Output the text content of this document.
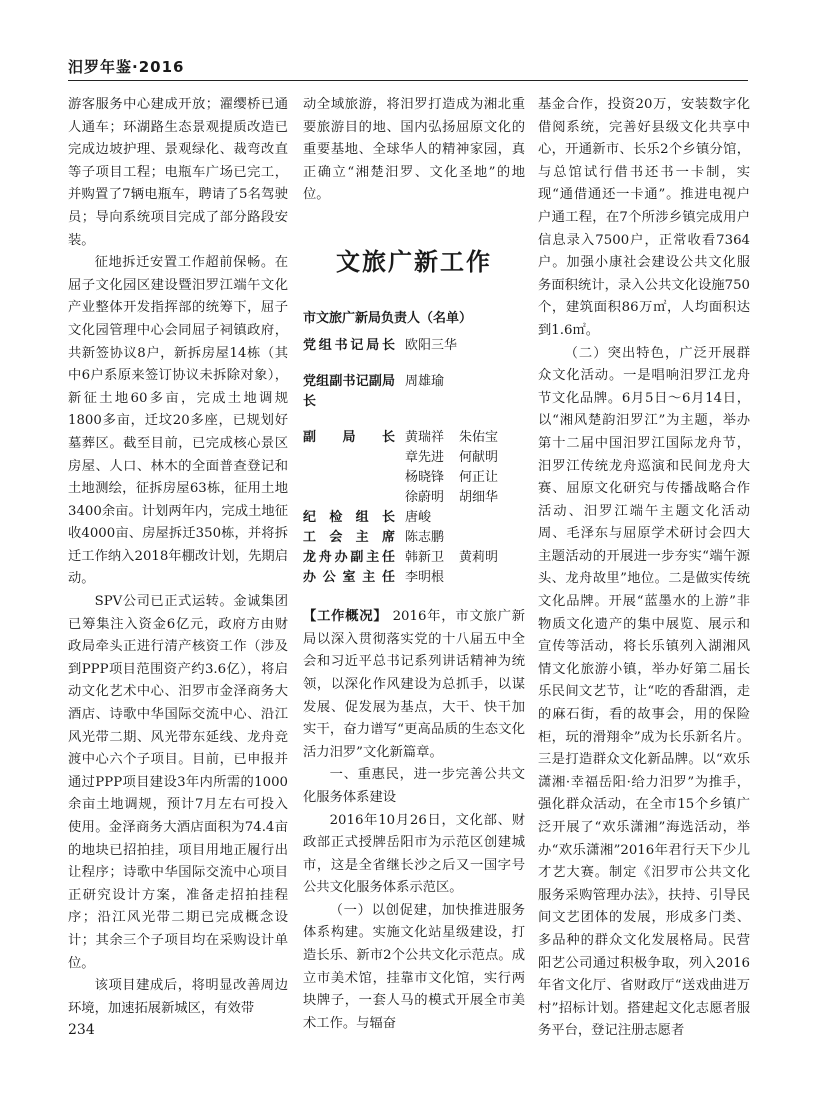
汨罗年鉴·2016

游客服务中心建成开放；濯缨桥已通人通车；环湖路生态景观提质改造已完成边坡护理、景观绿化、裁弯改直等子项目工程；电瓶车广场已完工，并购置了7辆电瓶车，聘请了5名驾驶员；导向系统项目完成了部分路段安装。

征地拆迁安置工作超前保畅。在屈子文化园区建设暨汨罗江端午文化产业整体开发指挥部的统筹下，屈子文化园管理中心会同屈子祠镇政府，共新签协议8户，新拆房屋14栋（其中6户系原来签订协议未拆除对象），新征土地60多亩，完成土地调规1800多亩，迁坟20多座，已规划好墓葬区。截至目前，已完成核心景区房屋、人口、林木的全面普查登记和土地测绘，征拆房屋63栋，征用土地3400余亩。计划两年内，完成土地征收4000亩、房屋拆迁350栋，并将拆迁工作纳入2018年棚改计划，先期启动。

SPV公司已正式运转。金诚集团已筹集注入资金6亿元，政府方由财政局牵头正进行清产核资工作（涉及到PPP项目范围资产约3.6亿），将启动文化艺术中心、汨罗市金泽商务大酒店、诗歌中华国际交流中心、沿江风光带二期、风光带东延线、龙舟竞渡中心六个子项目。目前，已申报并通过PPP项目建设3年内所需的1000余亩土地调规，预计7月左右可投入使用。金泽商务大酒店面积为74.4亩的地块已招拍挂，项目用地正履行出让程序；诗歌中华国际交流中心项目正研究设计方案，准备走招拍挂程序；沿江风光带二期已完成概念设计；其余三个子项目均在采购设计单位。

该项目建成后，将明显改善周边环境，加速拓展新城区，有效带

动全域旅游，将汨罗打造成为湘北重要旅游目的地、国内弘扬屈原文化的重要基地、全球华人的精神家园，真正确立“湘楚汨罗、文化圣地”的地位。

文旅广新工作
市文旅广新局负责人（名单）
党组书记局长	欧阳三华

党组副书记副局长	周雄瑜

副局长	黄瑞祥 朱佑宝
章先进 何献明
杨晓锋 何正让
徐蔚明 胡细华
纪检组长	唐峻
工会主席	陈志鹏
龙舟办副主任	韩新卫 黄莉明
办公室主任	李明根

【工作概况】 2016年，市文旅广新局以深入贯彻落实党的十八届五中全会和习近平总书记系列讲话精神为统领，以深化作风建设为总抓手，以谋发展、促发展为基点，大干、快干加实干，奋力谱写“更高品质的生态文化活力汨罗”文化新篇章。

一、重惠民，进一步完善公共文化服务体系建设

2016年10月26日，文化部、财政部正式授牌岳阳市为示范区创建城市，这是全省继长沙之后又一国字号公共文化服务体系示范区。

（一）以创促建，加快推进服务体系构建。实施文化站星级建设，打造长乐、新市2个公共文化示范点。成立市美术馆，挂靠市文化馆，实行两块牌子，一套人马的模式开展全市美术工作。与辐奋

基金合作，投资20万，安装数字化借阅系统，完善好县级文化共享中心，开通新市、长乐2个乡镇分馆，与总馆试行借书还书一卡制，实现“通借通还一卡通”。推进电视户户通工程，在7个所涉乡镇完成用户信息录入7500户，正常收看7364户。加强小康社会建设公共文化服务面积统计，录入公共文化设施750个，建筑面积86万㎡，人均面积达到1.6㎡。

（二）突出特色，广泛开展群众文化活动。一是唱响汨罗江龙舟节文化品牌。6月5日～6月14日，以“湘风楚韵汨罗江”为主题，举办第十二届中国汨罗江国际龙舟节，汨罗江传统龙舟巡演和民间龙舟大赛、屈原文化研究与传播战略合作活动、汨罗江端午主题文化活动周、毛泽东与屈原学术研讨会四大主题活动的开展进一步夯实“端午源头、龙舟故里”地位。二是做实传统文化品牌。开展“蓝墨水的上游”非物质文化遗产的集中展览、展示和宣传等活动，将长乐镇列入湖湘风情文化旅游小镇，举办好第二届长乐民间文艺节，让“吃的香甜酒，走的麻石街，看的故事会，用的保险柜，玩的滑翔伞”成为长乐新名片。三是打造群众文化新品牌。以“欢乐潇湘·幸福岳阳·给力汨罗”为推手，强化群众活动，在全市15个乡镇广泛开展了“欢乐潇湘”海选活动，举办“欢乐潇湘”2016年君行天下少儿才艺大赛。制定《汨罗市公共文化服务采购管理办法》，扶持、引导民间文艺团体的发展，形成多门类、多品种的群众文化发展格局。民营阳艺公司通过积极争取，列入2016年省文化厅、省财政厅“送戏曲进万村”招标计划。搭建起文化志愿者服务平台，登记注册志愿者

234
